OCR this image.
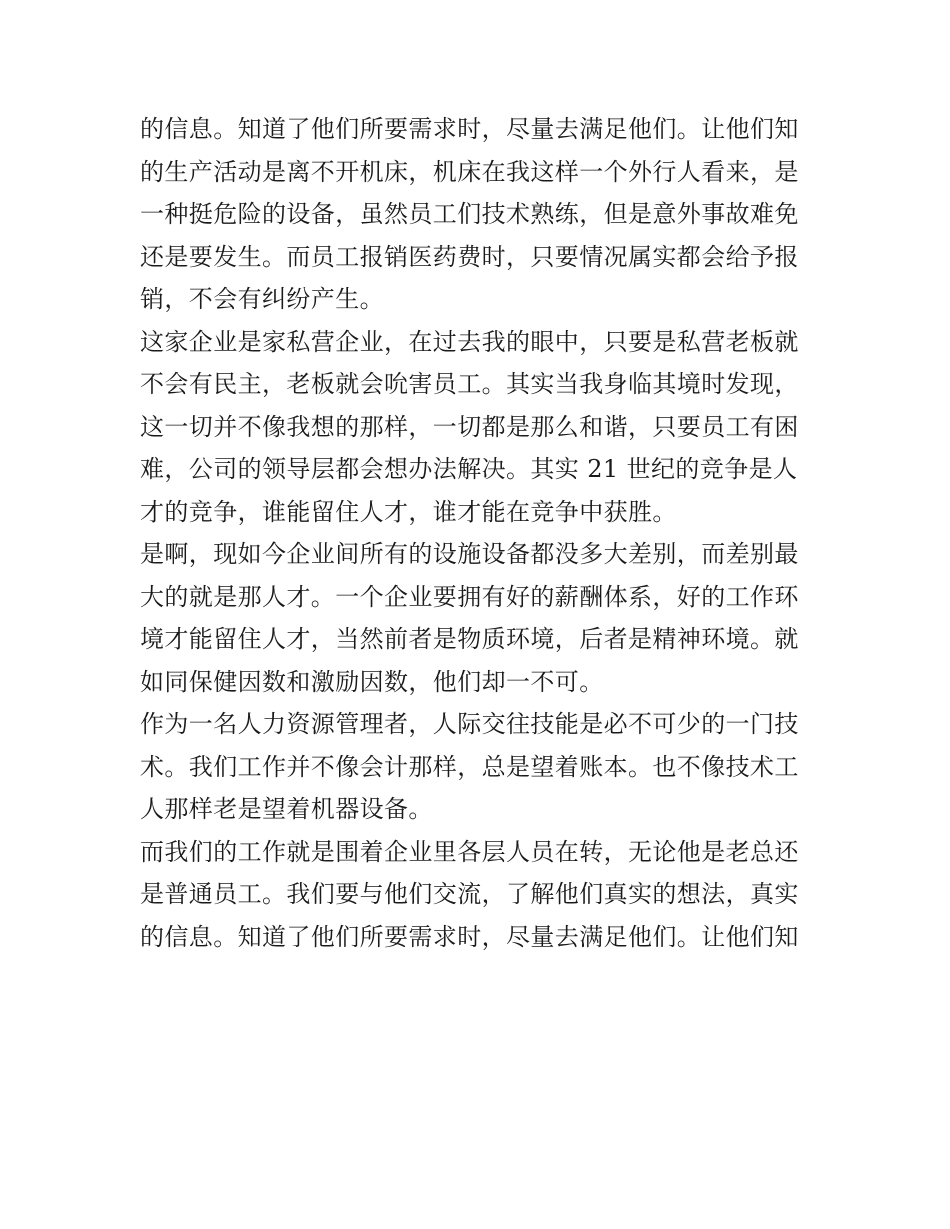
的信息。知道了他们所要需求时，尽量去满足他们。让他们知
的生产活动是离不开机床，机床在我这样一个外行人看来，是
一种挺危险的设备，虽然员工们技术熟练，但是意外事故难免
还是要发生。而员工报销医药费时，只要情况属实都会给予报
销，不会有纠纷产生。
这家企业是家私营企业，在过去我的眼中，只要是私营老板就
不会有民主，老板就会吮害员工。其实当我身临其境时发现，
这一切并不像我想的那样，一切都是那么和谐，只要员工有困
难，公司的领导层都会想办法解决。其实 21 世纪的竞争是人
才的竞争，谁能留住人才，谁才能在竞争中获胜。
是啊，现如今企业间所有的设施设备都没多大差别，而差别最
大的就是那人才。一个企业要拥有好的薪酬体系，好的工作环
境才能留住人才，当然前者是物质环境，后者是精神环境。就
如同保健因数和激励因数，他们却一不可。
作为一名人力资源管理者，人际交往技能是必不可少的一门技
术。我们工作并不像会计那样，总是望着账本。也不像技术工
人那样老是望着机器设备。
而我们的工作就是围着企业里各层人员在转，无论他是老总还
是普通员工。我们要与他们交流，了解他们真实的想法，真实
的信息。知道了他们所要需求时，尽量去满足他们。让他们知
